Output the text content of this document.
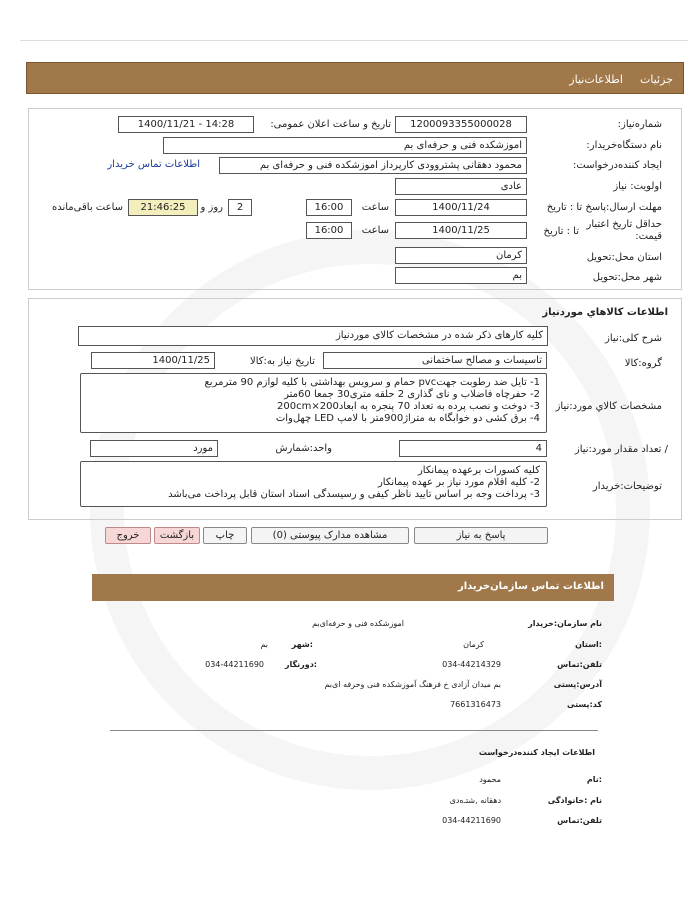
جزئیات
اطلاعات‌نیاز
شماره‌نیاز:
1200093355000028
تاریخ و ساعت اعلان عمومی:
1400/11/21 - 14:28
نام دستگاه‌خریدار:
اموزشکده فنی و حرفه‌ای بم
ایجاد کننده‌درخواست:
محمود دهقانی پشتروودی کارپرداز اموزشکده فنی و حرفه‌ای بم
اطلاعات تماس خریدار
اولویت: نیاز
عادی
مهلت ارسال:پاسخ تا : تاریخ
1400/11/24
ساعت
16:00
2
روز و
21:46:25
ساعت باقی‌مانده
حداقل تاریخ اعتبار قیمت:
تا : تاریخ
1400/11/25
ساعت
16:00
استان محل:تحویل
کرمان
شهر محل:تحویل
بم
اطلاعات کالاهاي موردنياز
شرح کلی:نیاز
کلیه کارهای ذکر شده در مشخصات کالای موردنیاز
گروه:کالا
تاسیسات و مصالح ساختمانی
تاریخ نیاز به:کالا
1400/11/25
مشخصات کالاي مورد:نياز
1- تایل ضد رطوبت جهتpvc حمام و سرویس بهداشتی با کلیه لوازم 90 مترمربع
2- حفرچاه فاضلاب و نای گذاری 2 حلقه متری30 جمعا 60متر
3- دوخت و نصب پرده به تعداد 70 پنجره به ابعاد200cm×200
4- برق کشی دو خوابگاه به متراژ900متر با لامپ LED چهل‌وات
/ تعداد مقدار مورد:نیاز
4
واحد:شمارش
مورد
توضیحات:خریدار
کلیه کسورات بر‌عهده پیمانکار
2- کلیه اقلام مورد نیاز بر عهده پیمانکار
3- پرداخت وجه بر اساس تایید ناظر کیفی و رسیسدگی اسناد استان قابل پرداخت می‌باشد
پاسخ به نیاز
مشاهده مدارک پیوستی (0)
چاپ
بازگشت
خروج
اطلاعات تماس سازمان‌خریدار
نام سازمان:خریدار
اموزشکده فنی و حرفه‌ای‌بم
:استان
کرمان
:شهر
بم
تلفن:تماس
034-44214329
:دورنگار
034-44211690
آدرس:پستی
بم میدان آزادی خ فرهنگ آموزشکده فنی وحرفه ای‌بم
کد:پستی
7661316473
اطلاعات ایجاد کننده‌درخواست
:نام
محمود
نام :خانوادگی
دهقانه ,شتـ‌ه‌دی
تلفن:تماس
034-44211690
